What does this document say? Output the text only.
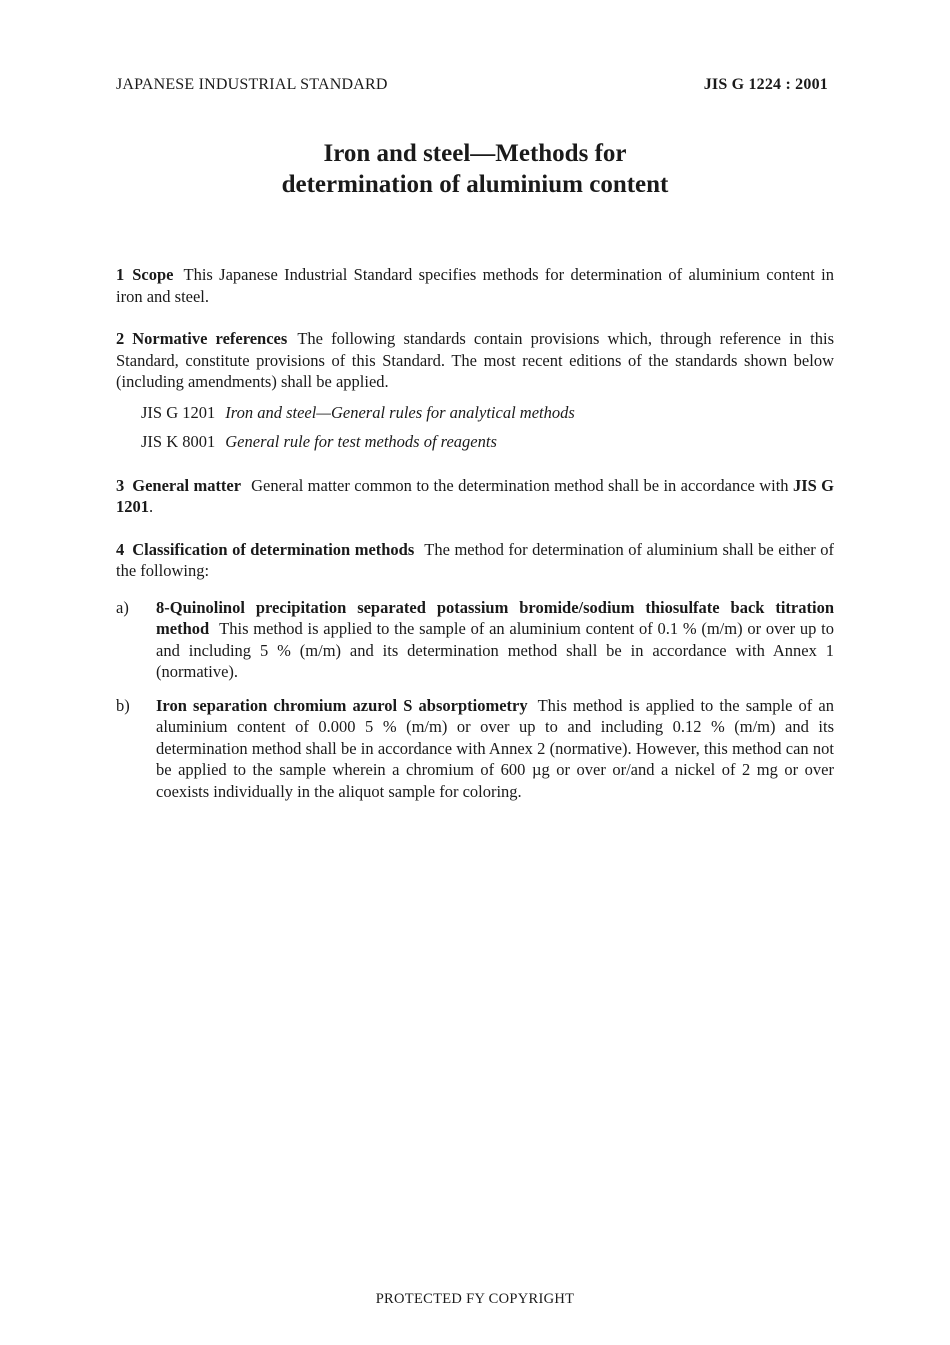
JAPANESE INDUSTRIAL STANDARD	JIS G 1224 : 2001
Iron and steel—Methods for
determination of aluminium content

1 Scope This Japanese Industrial Standard specifies methods for determination of aluminium content in iron and steel.

2 Normative references The following standards contain provisions which, through reference in this Standard, constitute provisions of this Standard. The most recent editions of the standards shown below (including amendments) shall be applied.

JIS G 1201 Iron and steel—General rules for analytical methods
JIS K 8001 General rule for test methods of reagents

3 General matter General matter common to the determination method shall be in accordance with JIS G 1201.

4 Classification of determination methods The method for determination of aluminium shall be either of the following:

a)	8-Quinolinol precipitation separated potassium bromide/sodium thiosulfate back titration method This method is applied to the sample of an aluminium content of 0.1 % (m/m) or over up to and including 5 % (m/m) and its determination method shall be in accordance with Annex 1 (normative).
b)	Iron separation chromium azurol S absorptiometry This method is applied to the sample of an aluminium content of 0.000 5 % (m/m) or over up to and including 0.12 % (m/m) and its determination method shall be in accordance with Annex 2 (normative). However, this method can not be applied to the sample wherein a chromium of 600 µg or over or/and a nickel of 2 mg or over coexists individually in the aliquot sample for coloring.
PROTECTED FY COPYRIGHT
